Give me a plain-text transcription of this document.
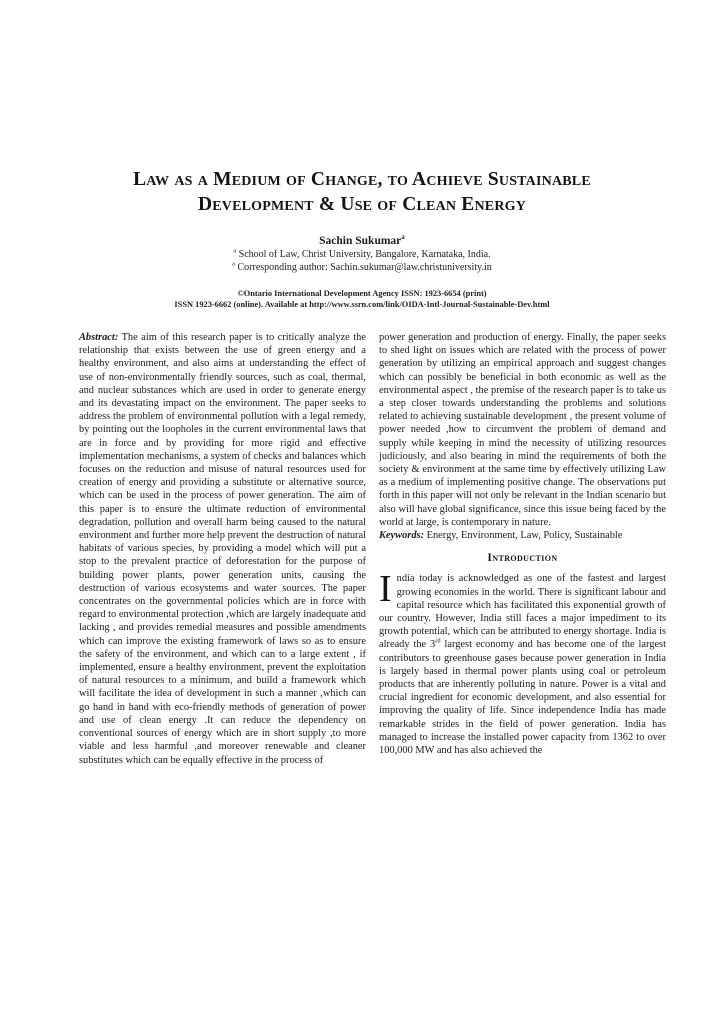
Law as a Medium of Change, to Achieve Sustainable
Development & Use of Clean Energy
Sachin Sukumar$^a$
$^a$ School of Law, Christ University, Bangalore, Karnataka, India.
$^a$ Corresponding author: Sachin.sukumar@law.christuniversity.in
©Ontario International Development Agency ISSN: 1923-6654 (print)
ISSN 1923-6662 (online). Available at http://www.ssrn.com/link/OIDA-Intl-Journal-Sustainable-Dev.html

Abstract: The aim of this research paper is to critically analyze the relationship that exists between the use of green energy and a healthy environment, and also aims at understanding the effect of use of non-environmentally friendly sources, such as coal, thermal, and nuclear substances which are used in order to generate energy and its devastating impact on the environment. The paper seeks to address the problem of environmental pollution with a legal remedy, by pointing out the loopholes in the current environmental laws that are in force and by providing for more rigid and effective implementation mechanisms, a system of checks and balances which focuses on the reduction and misuse of natural resources used for creation of energy and providing a substitute or alternative source, which can be used in the process of power generation. The aim of this paper is to ensure the ultimate reduction of environmental degradation, pollution and overall harm being caused to the natural environment and further more help prevent the destruction of natural habitats of various species, by providing a model which will put a stop to the prevalent practice of deforestation for the purpose of building power plants, power generation units, causing the destruction of various ecosystems and water sources. The paper concentrates on the governmental policies which are in force with regard to environmental protection ,which are largely inadequate and lacking , and provides remedial measures and possible amendments which can improve the existing framework of laws so as to ensure the safety of the environment, and which can to a large extent , if implemented, ensure a healthy environment, prevent the exploitation of natural resources to a minimum, and build a framework which will facilitate the idea of development in such a manner ,which can go hand in hand with eco-friendly methods of generation of power and use of clean energy .It can reduce the dependency on conventional sources of energy which are in short supply ,to more viable and less harmful ,and moreover renewable and cleaner substitutes which can be equally effective in the process of

power generation and production of energy. Finally, the paper seeks to shed light on issues which are related with the process of power generation by utilizing an empirical approach and suggest changes which can possibly be beneficial in both economic as well as the environmental aspect , the premise of the research paper is to take us a step closer towards understanding the problems and solutions related to achieving sustainable development , the present volume of power needed ,how to circumvent the problem of demand and supply while keeping in mind the necessity of utilizing resources judiciously, and also bearing in mind the requirements of both the society & environment at the same time by effectively utilizing Law as a medium of implementing positive change. The observations put forth in this paper will not only be relevant in the Indian scenario but also will have global significance, since this issue being faced by the world at large, is contemporary in nature.

Keywords: Energy, Environment, Law, Policy, Sustainable

Introduction

India today is acknowledged as one of the fastest and largest growing economies in the world. There is significant labour and capital resource which has facilitated this exponential growth of our country. However, India still faces a major impediment to its growth potential, which can be attributed to energy shortage. India is already the 3rd largest economy and has become one of the largest contributors to greenhouse gases because power generation in India is largely based in thermal power plants using coal or petroleum products that are inherently polluting in nature. Power is a vital and crucial ingredient for economic development, and also essential for improving the quality of life. Since independence India has made remarkable strides in the field of power generation. India has managed to increase the installed power capacity from 1362 to over 100,000 MW and has also achieved the
